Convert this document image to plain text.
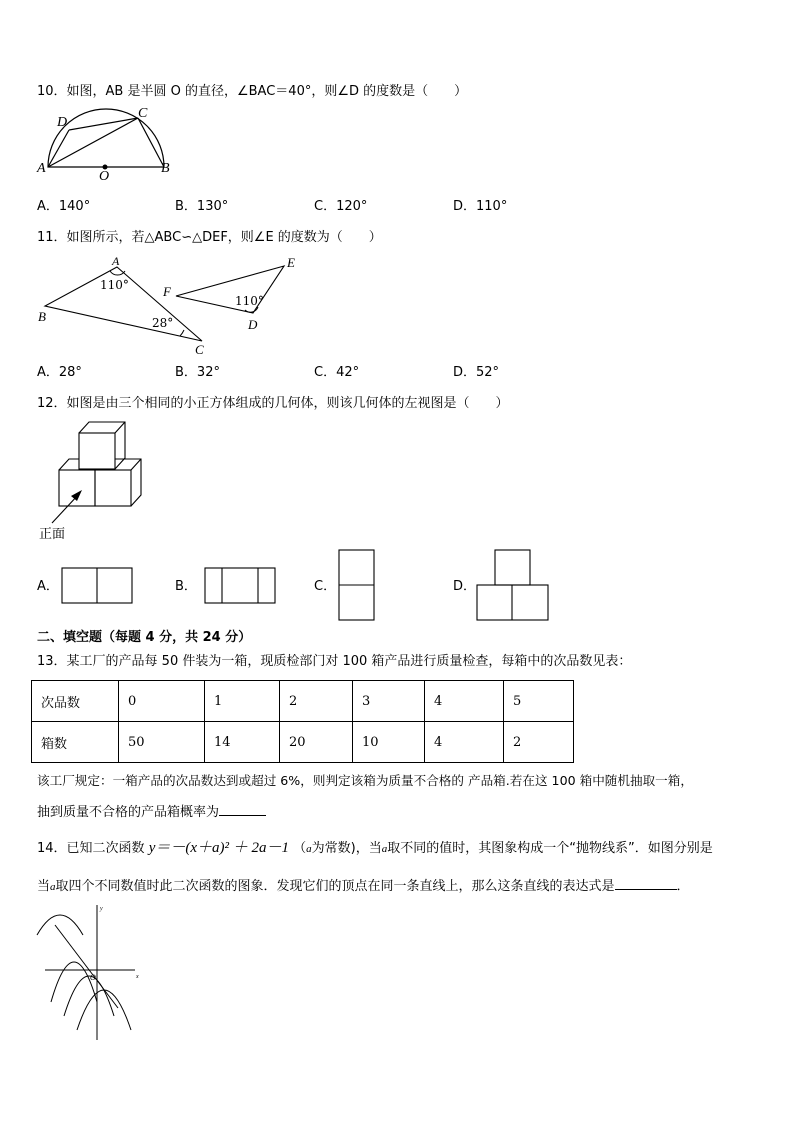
10．如图，AB 是半圆 O 的直径，∠BAC＝40°，则∠D 的度数是（　　）
D
C
A
O
B
A．140°	B．130°	C．120°	D．110°
11．如图所示，若△ABC∽△DEF，则∠E 的度数为（　　）
A
110°
B	28°
C
F
E
110°
D
A．28°	B．32°	C．42°	D．52°
12．如图是由三个相同的小正方体组成的几何体，则该几何体的左视图是（　　）
正面
A．	B．	C．	D．
二、填空题（每题 4 分，共 24 分）
13．某工厂的产品每 50 件装为一箱，现质检部门对 100 箱产品进行质量检查，每箱中的次品数见表：
次品数	0	1	2	3	4	5
箱数	50	14	20	10	4	2
该工厂规定：一箱产品的次品数达到或超过 6%，则判定该箱为质量不合格的 产品箱.若在这 100 箱中随机抽取一箱，
抽到质量不合格的产品箱概率为
14．已知二次函数 y＝－(x＋a)² ＋ 2a－1 （a为常数)，当a取不同的值时，其图象构成一个“抛物线系”．如图分别是
当a取四个不同数值时此二次函数的图象．发现它们的顶点在同一条直线上，那么这条直线的表达式是	．
y
x
O
